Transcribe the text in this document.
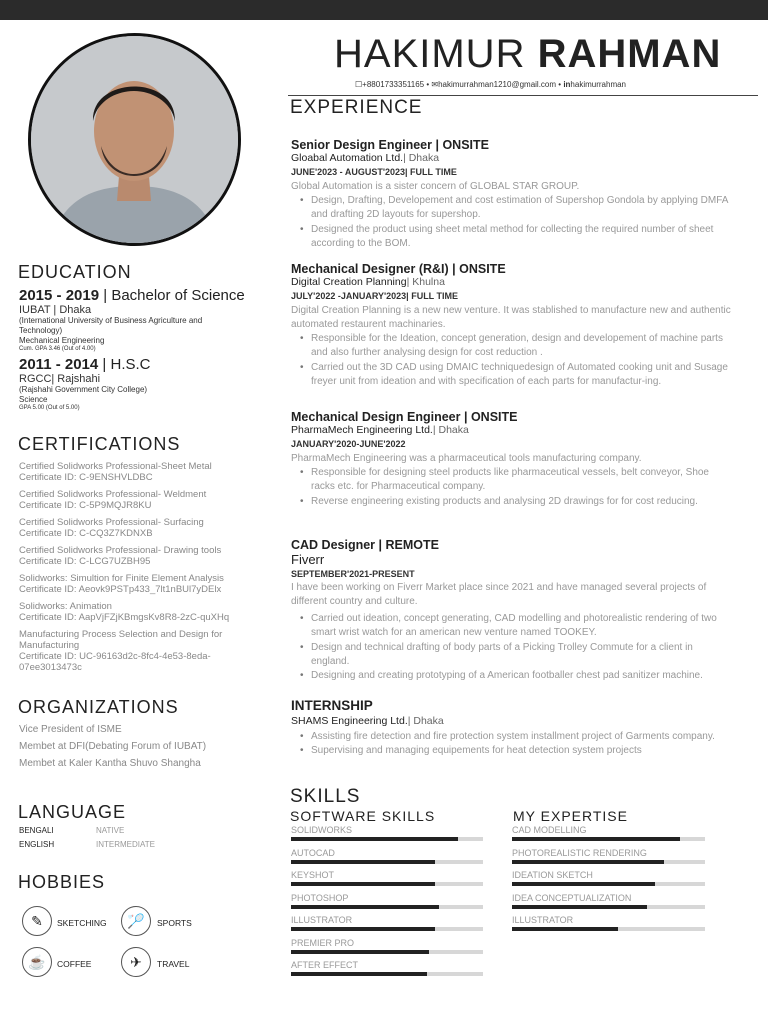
HAKIMUR RAHMAN
☐+8801733351165 • ✉hakimurrahman1210@gmail.com • inhakimurrahman
EDUCATION
2015 - 2019 | Bachelor of Science
IUBAT | Dhaka
(International University of Business Agriculture and Technology)
Mechanical Engineering
Cum. GPA 3.46 (Out of 4.00)
2011 - 2014 | H.S.C
RGCC| Rajshahi
(Rajshahi Government City College)
Science
GPA 5.00 (Out of 5.00)
CERTIFICATIONS
Certified Solidworks Professional-Sheet Metal
Certificate ID: C-9ENSHVLDBC
Certified Solidworks Professional- Weldment
Certificate ID: C-5P9MQJR8KU
Certified Solidworks Professional- Surfacing
Certificate ID: C-CQ3Z7KDNXB
Certified Solidworks Professional- Drawing tools
Certificate ID: C-LCG7UZBH95
Solidworks: Simultion for Finite Element Analysis
Certificate ID: Aeovk9PSTp433_7lt1nBUl7yDElx
Solidworks: Animation
Certificate ID: AapVjFZjKBmgsKv8R8-2zC-quXHq
Manufacturing Process Selection and Design for Manufacturing
Certificate ID: UC-96163d2c-8fc4-4e53-8eda-07ee3013473c
ORGANIZATIONS
Vice President of ISME
Membet at DFI(Debating Forum of IUBAT)
Membet at Kaler Kantha Shuvo Shangha
LANGUAGE
BENGALI	NATIVE
ENGLISH	INTERMEDIATE
HOBBIES
✎	SKETCHING	🏸	SPORTS
☕	COFFEE	✈	TRAVEL
EXPERIENCE
Senior Design Engineer | ONSITE
Gloabal Automation Ltd.| Dhaka
JUNE'2023 - AUGUST'2023| FULL TIME
Global Automation is a sister concern of GLOBAL STAR GROUP.
• Design, Drafting, Developement and cost estimation of Supershop Gondola by applying DMFA and drafting 2D layouts for supershop.
• Designed the product using sheet metal method for collecting the required number of sheet according to the BOM.
Mechanical Designer (R&I) | ONSITE
Digital Creation Planning| Khulna
JULY'2022 -JANUARY'2023| FULL TIME
Digital Creation Planning is a new new venture. It was stablished to manufacture new and authentic automated restaurent machinaries.
• Responsible for the Ideation, concept generation, design and developement of machine parts and also further analysing design for cost reduction .
• Carried out the 3D CAD using DMAIC techniquedesign of Automated cooking unit and Susage freyer unit from ideation and with specification of each parts for manufactur-ing.
Mechanical Design Engineer | ONSITE
PharmaMech Engineering Ltd.| Dhaka
JANUARY'2020-JUNE'2022
PharmaMech Engineering was a pharmaceutical tools manufacturing company.
• Responsible for designing steel products like pharmaceutical vessels, belt conveyor, Shoe racks etc. for Pharmaceutical company.
• Reverse engineering existing products and analysing 2D drawings for for cost reducing.
CAD Designer | REMOTE
Fiverr
SEPTEMBER'2021-PRESENT
I have been working on Fiverr Market place since 2021 and have managed several projects of different country and culture.
• Carried out ideation, concept generating, CAD modelling and photorealistic rendering of two smart wrist watch for an american new venture named TOOKEY.
• Design and technical drafting of body parts of a Picking Trolley Commute for a client in england.
• Designing and creating prototyping of a American footballer chest pad sanitizer machine.
INTERNSHIP
SHAMS Engineering Ltd.| Dhaka
• Assisting fire detection and fire protection system installment project of Garments company.
• Supervising and managing equipements for heat detection system projects
SKILLS
SOFTWARE SKILLS	MY EXPERTISE
SOLIDWORKS
AUTOCAD
KEYSHOT
PHOTOSHOP
ILLUSTRATOR
PREMIER PRO
AFTER EFFECT
CAD MODELLING
PHOTOREALISTIC RENDERING
IDEATION SKETCH
IDEA CONCEPTUALIZATION
ILLUSTRATOR
